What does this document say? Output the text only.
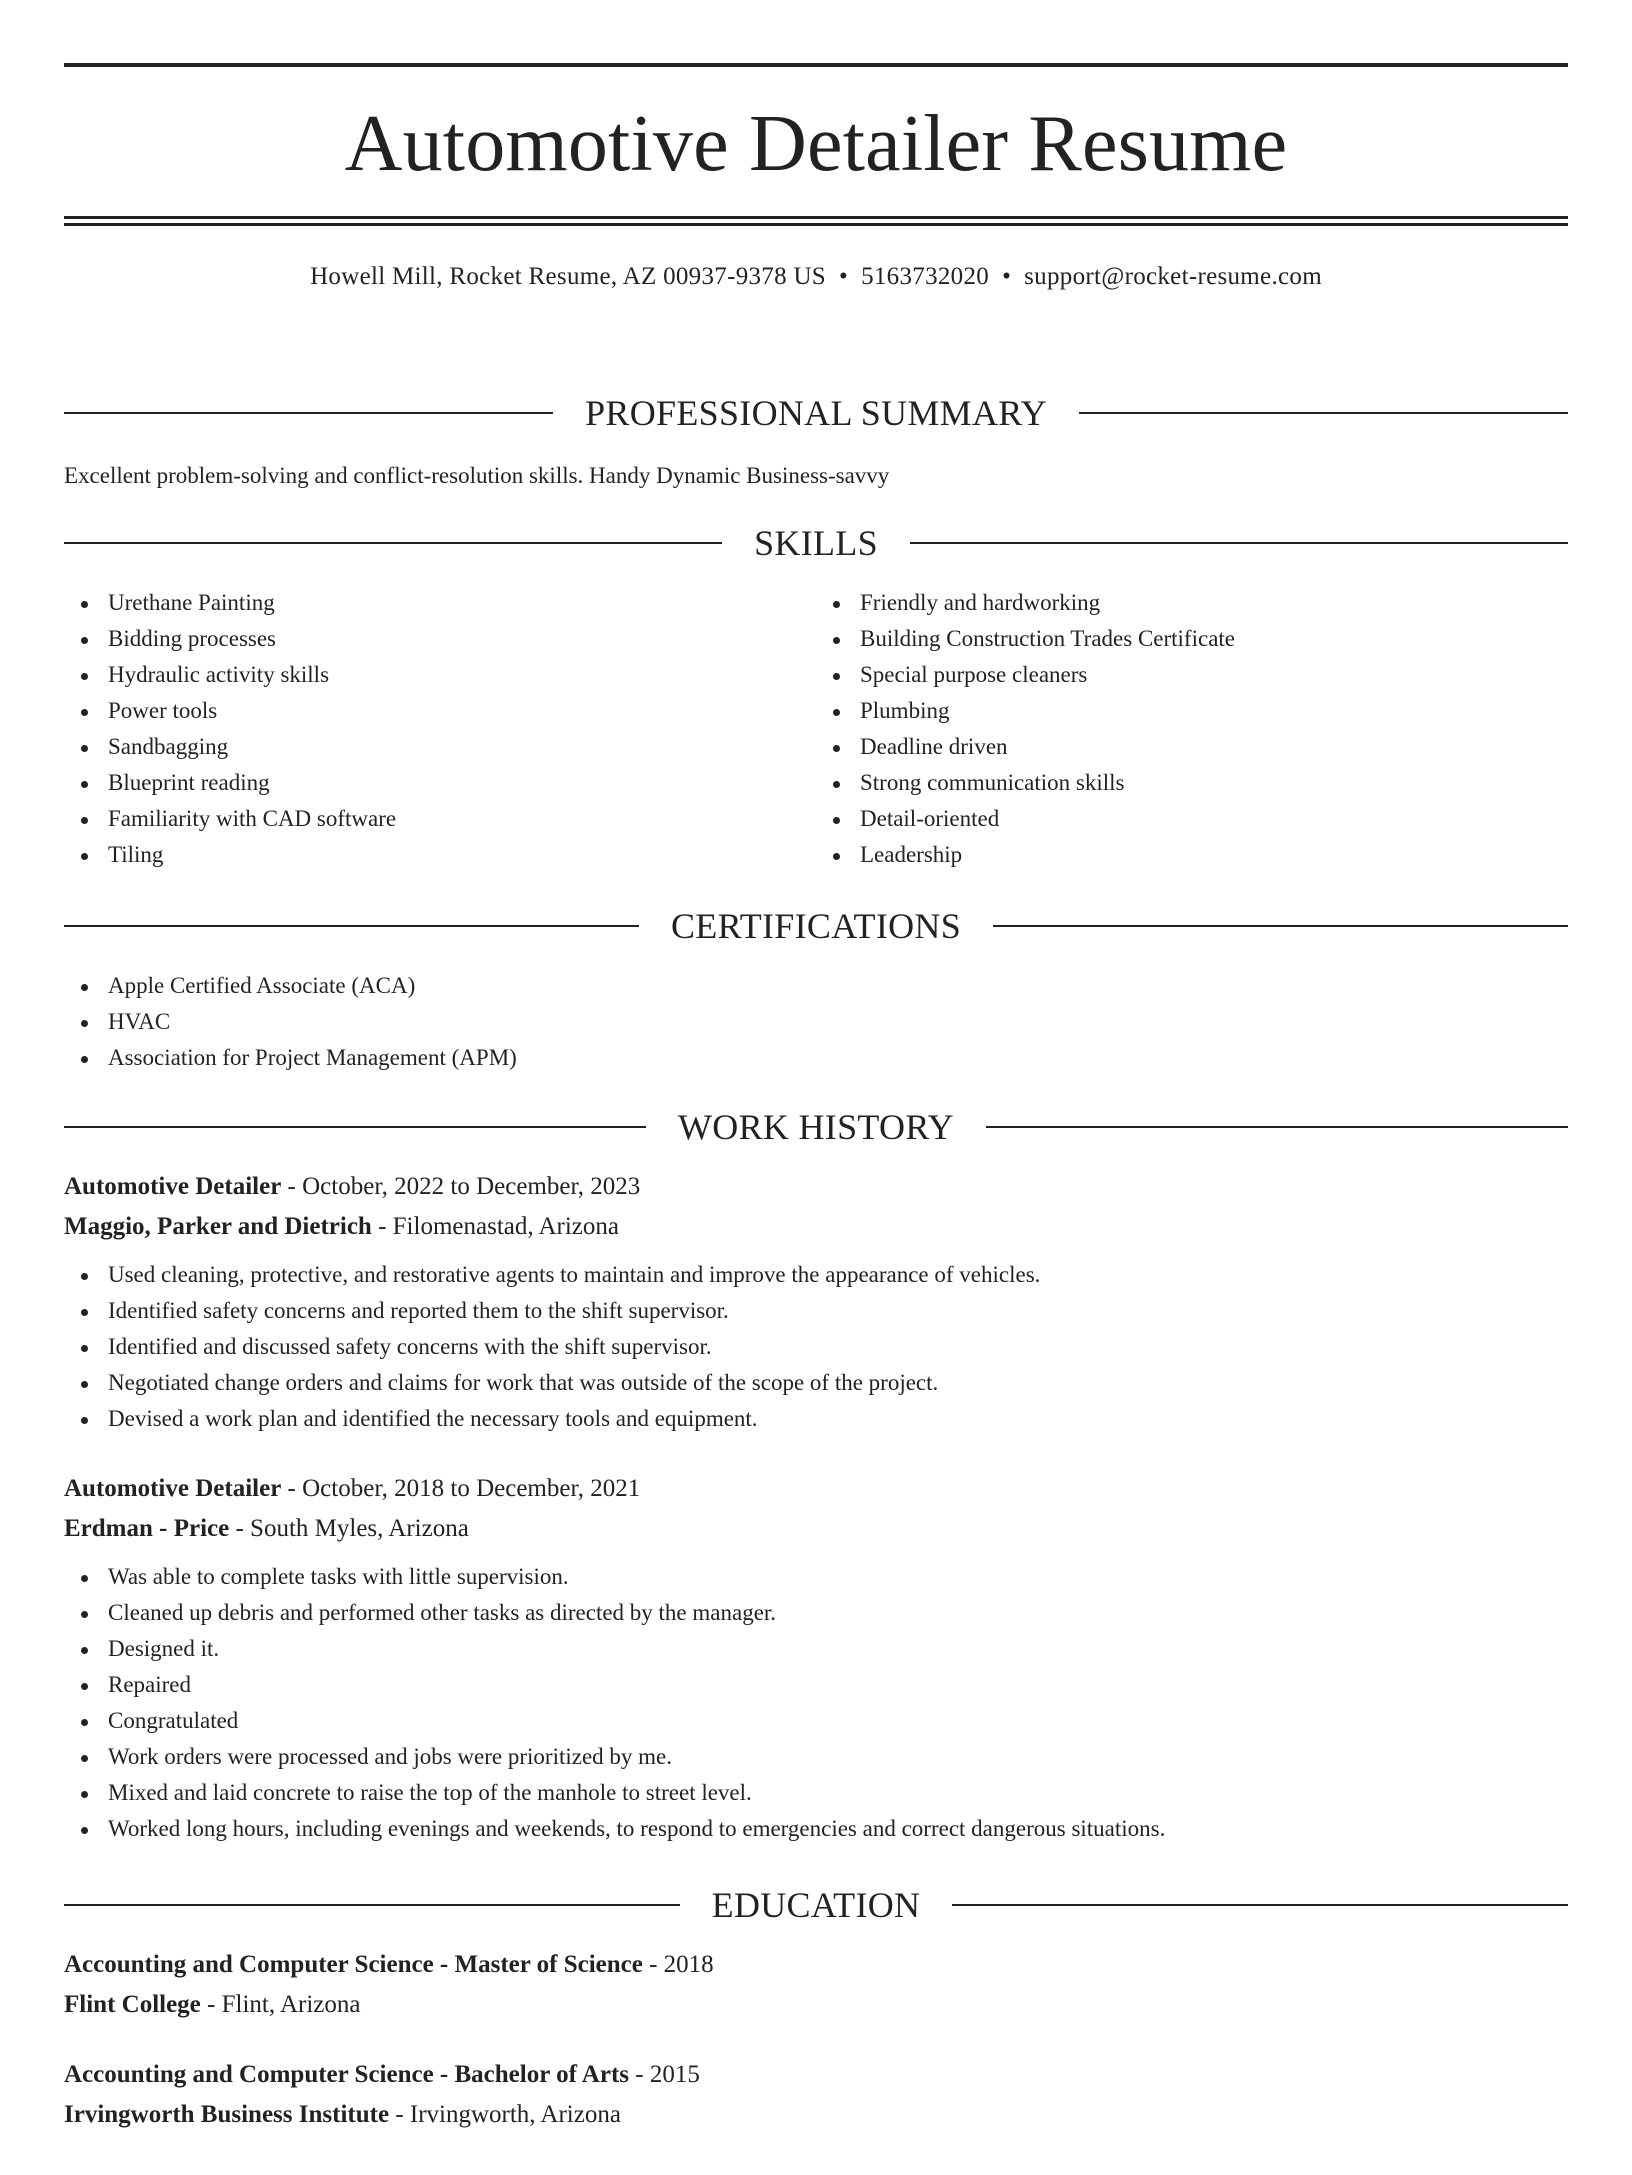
Automotive Detailer Resume
Howell Mill, Rocket Resume, AZ 00937-9378 US • 5163732020 • support@rocket-resume.com
PROFESSIONAL SUMMARY

Excellent problem-solving and conflict-resolution skills. Handy Dynamic Business-savvy

SKILLS
Urethane Painting
Bidding processes
Hydraulic activity skills
Power tools
Sandbagging
Blueprint reading
Familiarity with CAD software
Tiling
Friendly and hardworking
Building Construction Trades Certificate
Special purpose cleaners
Plumbing
Deadline driven
Strong communication skills
Detail-oriented
Leadership
CERTIFICATIONS
Apple Certified Associate (ACA)
HVAC
Association for Project Management (APM)
WORK HISTORY
Automotive Detailer - October, 2022 to December, 2023
Maggio, Parker and Dietrich - Filomenastad, Arizona
Used cleaning, protective, and restorative agents to maintain and improve the appearance of vehicles.
Identified safety concerns and reported them to the shift supervisor.
Identified and discussed safety concerns with the shift supervisor.
Negotiated change orders and claims for work that was outside of the scope of the project.
Devised a work plan and identified the necessary tools and equipment.
Automotive Detailer - October, 2018 to December, 2021
Erdman - Price - South Myles, Arizona
Was able to complete tasks with little supervision.
Cleaned up debris and performed other tasks as directed by the manager.
Designed it.
Repaired
Congratulated
Work orders were processed and jobs were prioritized by me.
Mixed and laid concrete to raise the top of the manhole to street level.
Worked long hours, including evenings and weekends, to respond to emergencies and correct dangerous situations.
EDUCATION
Accounting and Computer Science - Master of Science - 2018
Flint College - Flint, Arizona
Accounting and Computer Science - Bachelor of Arts - 2015
Irvingworth Business Institute - Irvingworth, Arizona
